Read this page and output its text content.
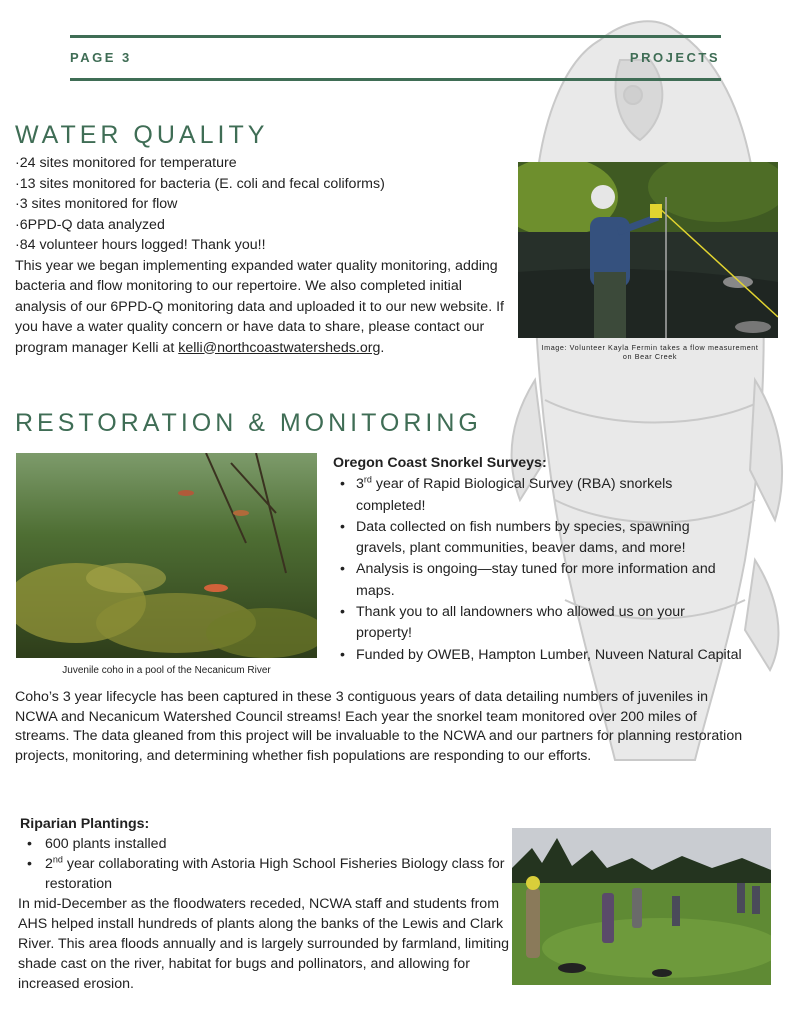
PAGE 3	PROJECTS
WATER QUALITY
·24 sites monitored for temperature
·13 sites monitored for bacteria (E. coli and fecal coliforms)
·3 sites monitored for flow
·6PPD-Q data analyzed
·84 volunteer hours logged! Thank you!!
This year we began implementing expanded water quality monitoring, adding bacteria and flow monitoring to our repertoire. We also completed initial analysis of our 6PPD-Q monitoring data and uploaded it to our new website. If you have a water quality concern or have data to share, please contact our program manager Kelli at kelli@northcoastwatersheds.org.	Image: Volunteer Kayla Fermin takes a flow measurement on Bear Creek
RESTORATION & MONITORING
Juvenile coho in a pool of the Necanicum River
Oregon Coast Snorkel Surveys:
• 3rd year of Rapid Biological Survey (RBA) snorkels completed!
• Data collected on fish numbers by species, spawning gravels, plant communities, beaver dams, and more!
• Analysis is ongoing—stay tuned for more information and maps.
• Thank you to all landowners who allowed us on your property!
• Funded by OWEB, Hampton Lumber, Nuveen Natural Capital
Coho’s 3 year lifecycle has been captured in these 3 contiguous years of data detailing numbers of juveniles in NCWA and Necanicum Watershed Council streams! Each year the snorkel team monitored over 200 miles of streams. The data gleaned from this project will be invaluable to the NCWA and our partners for planning restoration projects, monitoring, and determining whether fish populations are responding to our efforts.
Riparian Plantings:
• 600 plants installed
• 2nd year collaborating with Astoria High School Fisheries Biology class for restoration
In mid-December as the floodwaters receded, NCWA staff and students from AHS helped install hundreds of plants along the banks of the Lewis and Clark River. This area floods annually and is largely surrounded by farmland, limiting shade cast on the river, habitat for bugs and pollinators, and allowing for increased erosion.
